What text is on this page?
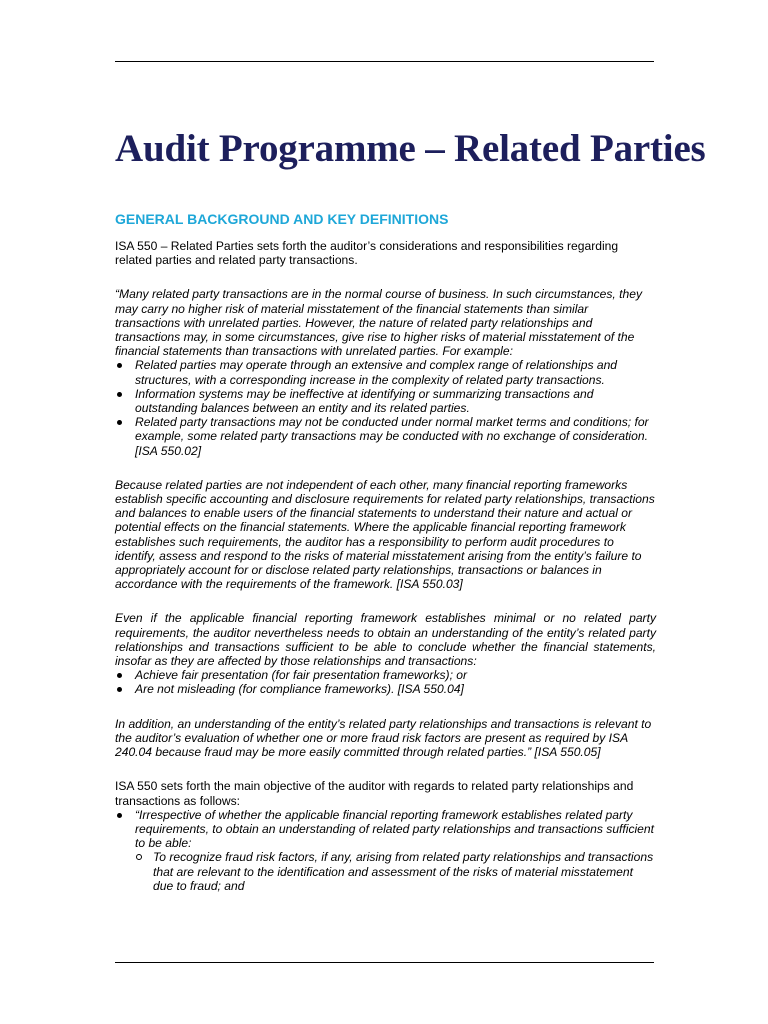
Audit Programme – Related Parties
GENERAL BACKGROUND AND KEY DEFINITIONS

ISA 550 – Related Parties sets forth the auditor’s considerations and responsibilities regarding related parties and related party transactions.

“Many related party transactions are in the normal course of business. In such circumstances, they may carry no higher risk of material misstatement of the financial statements than similar transactions with unrelated parties. However, the nature of related party relationships and transactions may, in some circumstances, give rise to higher risks of material misstatement of the financial statements than transactions with unrelated parties. For example:

Related parties may operate through an extensive and complex range of relationships and structures, with a corresponding increase in the complexity of related party transactions.
Information systems may be ineffective at identifying or summarizing transactions and outstanding balances between an entity and its related parties.
Related party transactions may not be conducted under normal market terms and conditions; for example, some related party transactions may be conducted with no exchange of consideration. [ISA 550.02]

Because related parties are not independent of each other, many financial reporting frameworks establish specific accounting and disclosure requirements for related party relationships, transactions and balances to enable users of the financial statements to understand their nature and actual or potential effects on the financial statements. Where the applicable financial reporting framework establishes such requirements, the auditor has a responsibility to perform audit procedures to identify, assess and respond to the risks of material misstatement arising from the entity’s failure to appropriately account for or disclose related party relationships, transactions or balances in accordance with the requirements of the framework. [ISA 550.03]

Even if the applicable financial reporting framework establishes minimal or no related party requirements, the auditor nevertheless needs to obtain an understanding of the entity’s related party relationships and transactions sufficient to be able to conclude whether the financial statements, insofar as they are affected by those relationships and transactions:

Achieve fair presentation (for fair presentation frameworks); or
Are not misleading (for compliance frameworks). [ISA 550.04]

In addition, an understanding of the entity’s related party relationships and transactions is relevant to the auditor’s evaluation of whether one or more fraud risk factors are present as required by ISA 240.04 because fraud may be more easily committed through related parties.” [ISA 550.05]

ISA 550 sets forth the main objective of the auditor with regards to related party relationships and transactions as follows:

“Irrespective of whether the applicable financial reporting framework establishes related party requirements, to obtain an understanding of related party relationships and transactions sufficient to be able:
To recognize fraud risk factors, if any, arising from related party relationships and transactions that are relevant to the identification and assessment of the risks of material misstatement due to fraud; and
